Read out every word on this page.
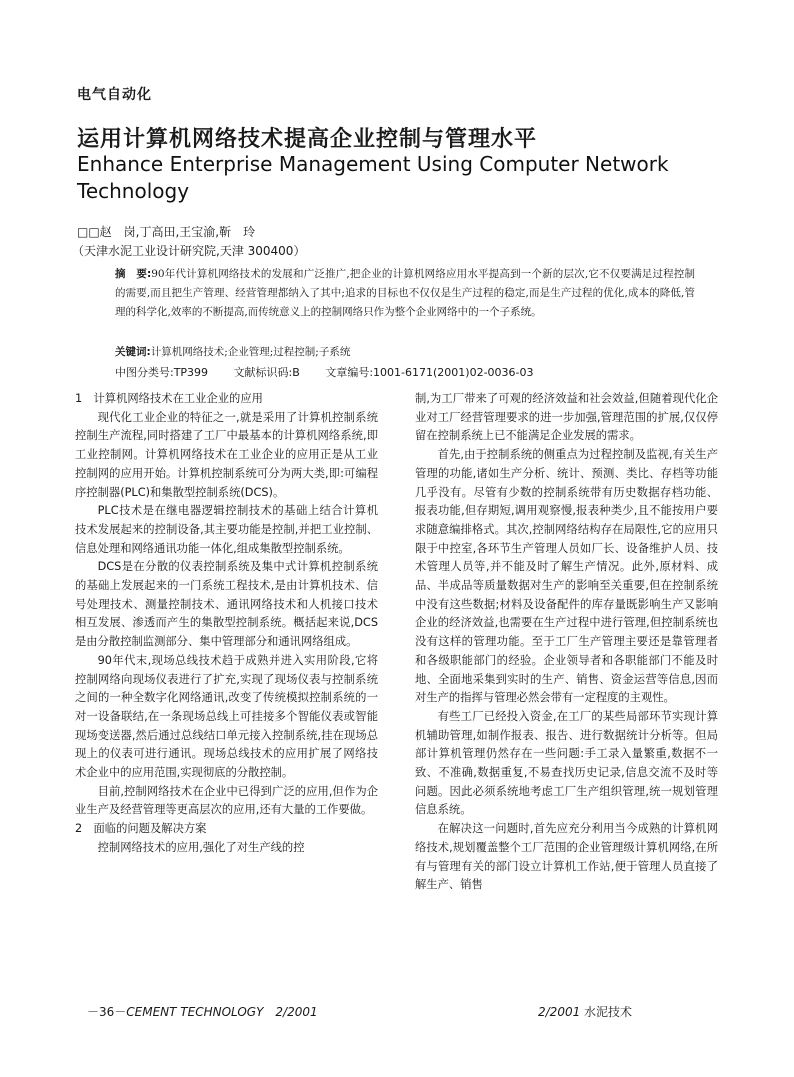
电气自动化
运用计算机网络技术提高企业控制与管理水平
Enhance Enterprise Management Using Computer Network Technology
□□赵　岗,丁高田,王宝渝,靳　玲
（天津水泥工业设计研究院,天津 300400）
摘　要:90年代计算机网络技术的发展和广泛推广,把企业的计算机网络应用水平提高到一个新的层次,它不仅要满足过程控制的需要,而且把生产管理、经营管理都纳入了其中;追求的目标也不仅仅是生产过程的稳定,而是生产过程的优化,成本的降低,管理的科学化,效率的不断提高,而传统意义上的控制网络只作为整个企业网络中的一个子系统。
关键词:计算机网络技术;企业管理;过程控制;子系统
中图分类号:TP399 文献标识码:B 文章编号:1001-6171(2001)02-0036-03
1　计算机网络技术在工业企业的应用

现代化工业企业的特征之一,就是采用了计算机控制系统控制生产流程,同时搭建了工厂中最基本的计算机网络系统,即工业控制网。计算机网络技术在工业企业的应用正是从工业控制网的应用开始。计算机控制系统可分为两大类,即:可编程序控制器(PLC)和集散型控制系统(DCS)。

PLC技术是在继电器逻辑控制技术的基础上结合计算机技术发展起来的控制设备,其主要功能是控制,并把工业控制、信息处理和网络通讯功能一体化,组成集散型控制系统。

DCS是在分散的仪表控制系统及集中式计算机控制系统的基础上发展起来的一门系统工程技术,是由计算机技术、信号处理技术、测量控制技术、通讯网络技术和人机接口技术相互发展、渗透而产生的集散型控制系统。概括起来说,DCS是由分散控制监测部分、集中管理部分和通讯网络组成。

90年代末,现场总线技术趋于成熟并进入实用阶段,它将控制网络向现场仪表进行了扩充,实现了现场仪表与控制系统之间的一种全数字化网络通讯,改变了传统模拟控制系统的一对一设备联结,在一条现场总线上可挂接多个智能仪表或智能现场变送器,然后通过总线结口单元接入控制系统,挂在现场总现上的仪表可进行通讯。现场总线技术的应用扩展了网络技术企业中的应用范围,实现彻底的分散控制。

目前,控制网络技术在企业中已得到广泛的应用,但作为企业生产及经营管理等更高层次的应用,还有大量的工作要做。

2　面临的问题及解决方案

控制网络技术的应用,强化了对生产线的控

制,为工厂带来了可观的经济效益和社会效益,但随着现代化企业对工厂经营管理要求的进一步加强,管理范围的扩展,仅仅停留在控制系统上已不能满足企业发展的需求。

首先,由于控制系统的侧重点为过程控制及监视,有关生产管理的功能,诸如生产分析、统计、预测、类比、存档等功能几乎没有。尽管有少数的控制系统带有历史数据存档功能、报表功能,但存期短,调用观察慢,报表种类少,且不能按用户要求随意编排格式。其次,控制网络结构存在局限性,它的应用只限于中控室,各环节生产管理人员如厂长、设备维护人员、技术管理人员等,并不能及时了解生产情况。此外,原材料、成品、半成品等质量数据对生产的影响至关重要,但在控制系统中没有这些数据;材料及设备配件的库存量既影响生产又影响企业的经济效益,也需要在生产过程中进行管理,但控制系统也没有这样的管理功能。至于工厂生产管理主要还是靠管理者和各级职能部门的经验。企业领导者和各职能部门不能及时地、全面地采集到实时的生产、销售、资金运营等信息,因而对生产的指挥与管理必然会带有一定程度的主观性。

有些工厂已经投入资金,在工厂的某些局部环节实现计算机辅助管理,如制作报表、报告、进行数据统计分析等。但局部计算机管理仍然存在一些问题:手工录入量繁重,数据不一致、不准确,数据重复,不易查找历史记录,信息交流不及时等问题。因此必须系统地考虑工厂生产组织管理,统一规划管理信息系统。

在解决这一问题时,首先应充分利用当今成熟的计算机网络技术,规划覆盖整个工厂范围的企业管理级计算机网络,在所有与管理有关的部门设立计算机工作站,便于管理人员直接了解生产、销售

－36－CEMENT TECHNOLOGY　2/2001	2/2001 水泥技术
